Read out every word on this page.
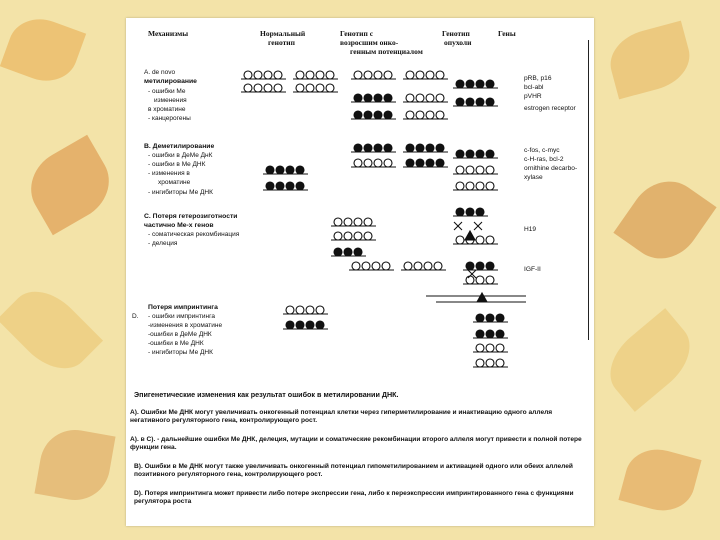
Механизмы	Нормальный
генотип
Генотип с
возросшим онко-
генным потенциалом
Генотип
опухоли
Гены
A. de novo
метилирование
- ошибки Me
изменения
в хроматине
- канцерогены
B. Деметилирование
- ошибки в ДеМе ДнК
- ошибки в Me ДНК
- изменения в
хроматине
- ингибиторы Me ДНК
C. Потеря гетерозиготности
частично Ме-х генов
- соматическая рекомбинация
- делеция
Потеря импринтинга
D. - ошибки импринтинга
-изменения в хроматине
-ошибки в ДеМе ДНК
-ошибки в Me ДНК
- ингибиторы Me ДНК
pRB, p16
bcl-abl
pVHR
estrogen receptor
c-fos, c-myc
c-H-ras, bcl-2
ornithine decarbo-
xylase
H19
IGF-II
Эпигенетические изменения как результат ошибок в метилировании ДНК.
A). Ошибки Me ДНК могут увеличивать онкогенный потенциал клетки через гиперметилирование и инактивацию одного аллеля негативного регуляторного гена, контролирующего рост.
A). в C). - дальнейшие ошибки Me ДНК, делеция, мутации и соматические рекомбинации второго аллеля могут привести к полной потере функции гена.
B). Ошибки в Me ДНК могут также увеличивать онкогенный потенциал гипометилированием и активацией одного или обеих аллелей позитивного регуляторного гена, контролирующего рост.
D). Потеря импринтинга может привести либо потере экспрессии гена, либо к переэкспрессии импринтированного гена с функциями регулятора роста
